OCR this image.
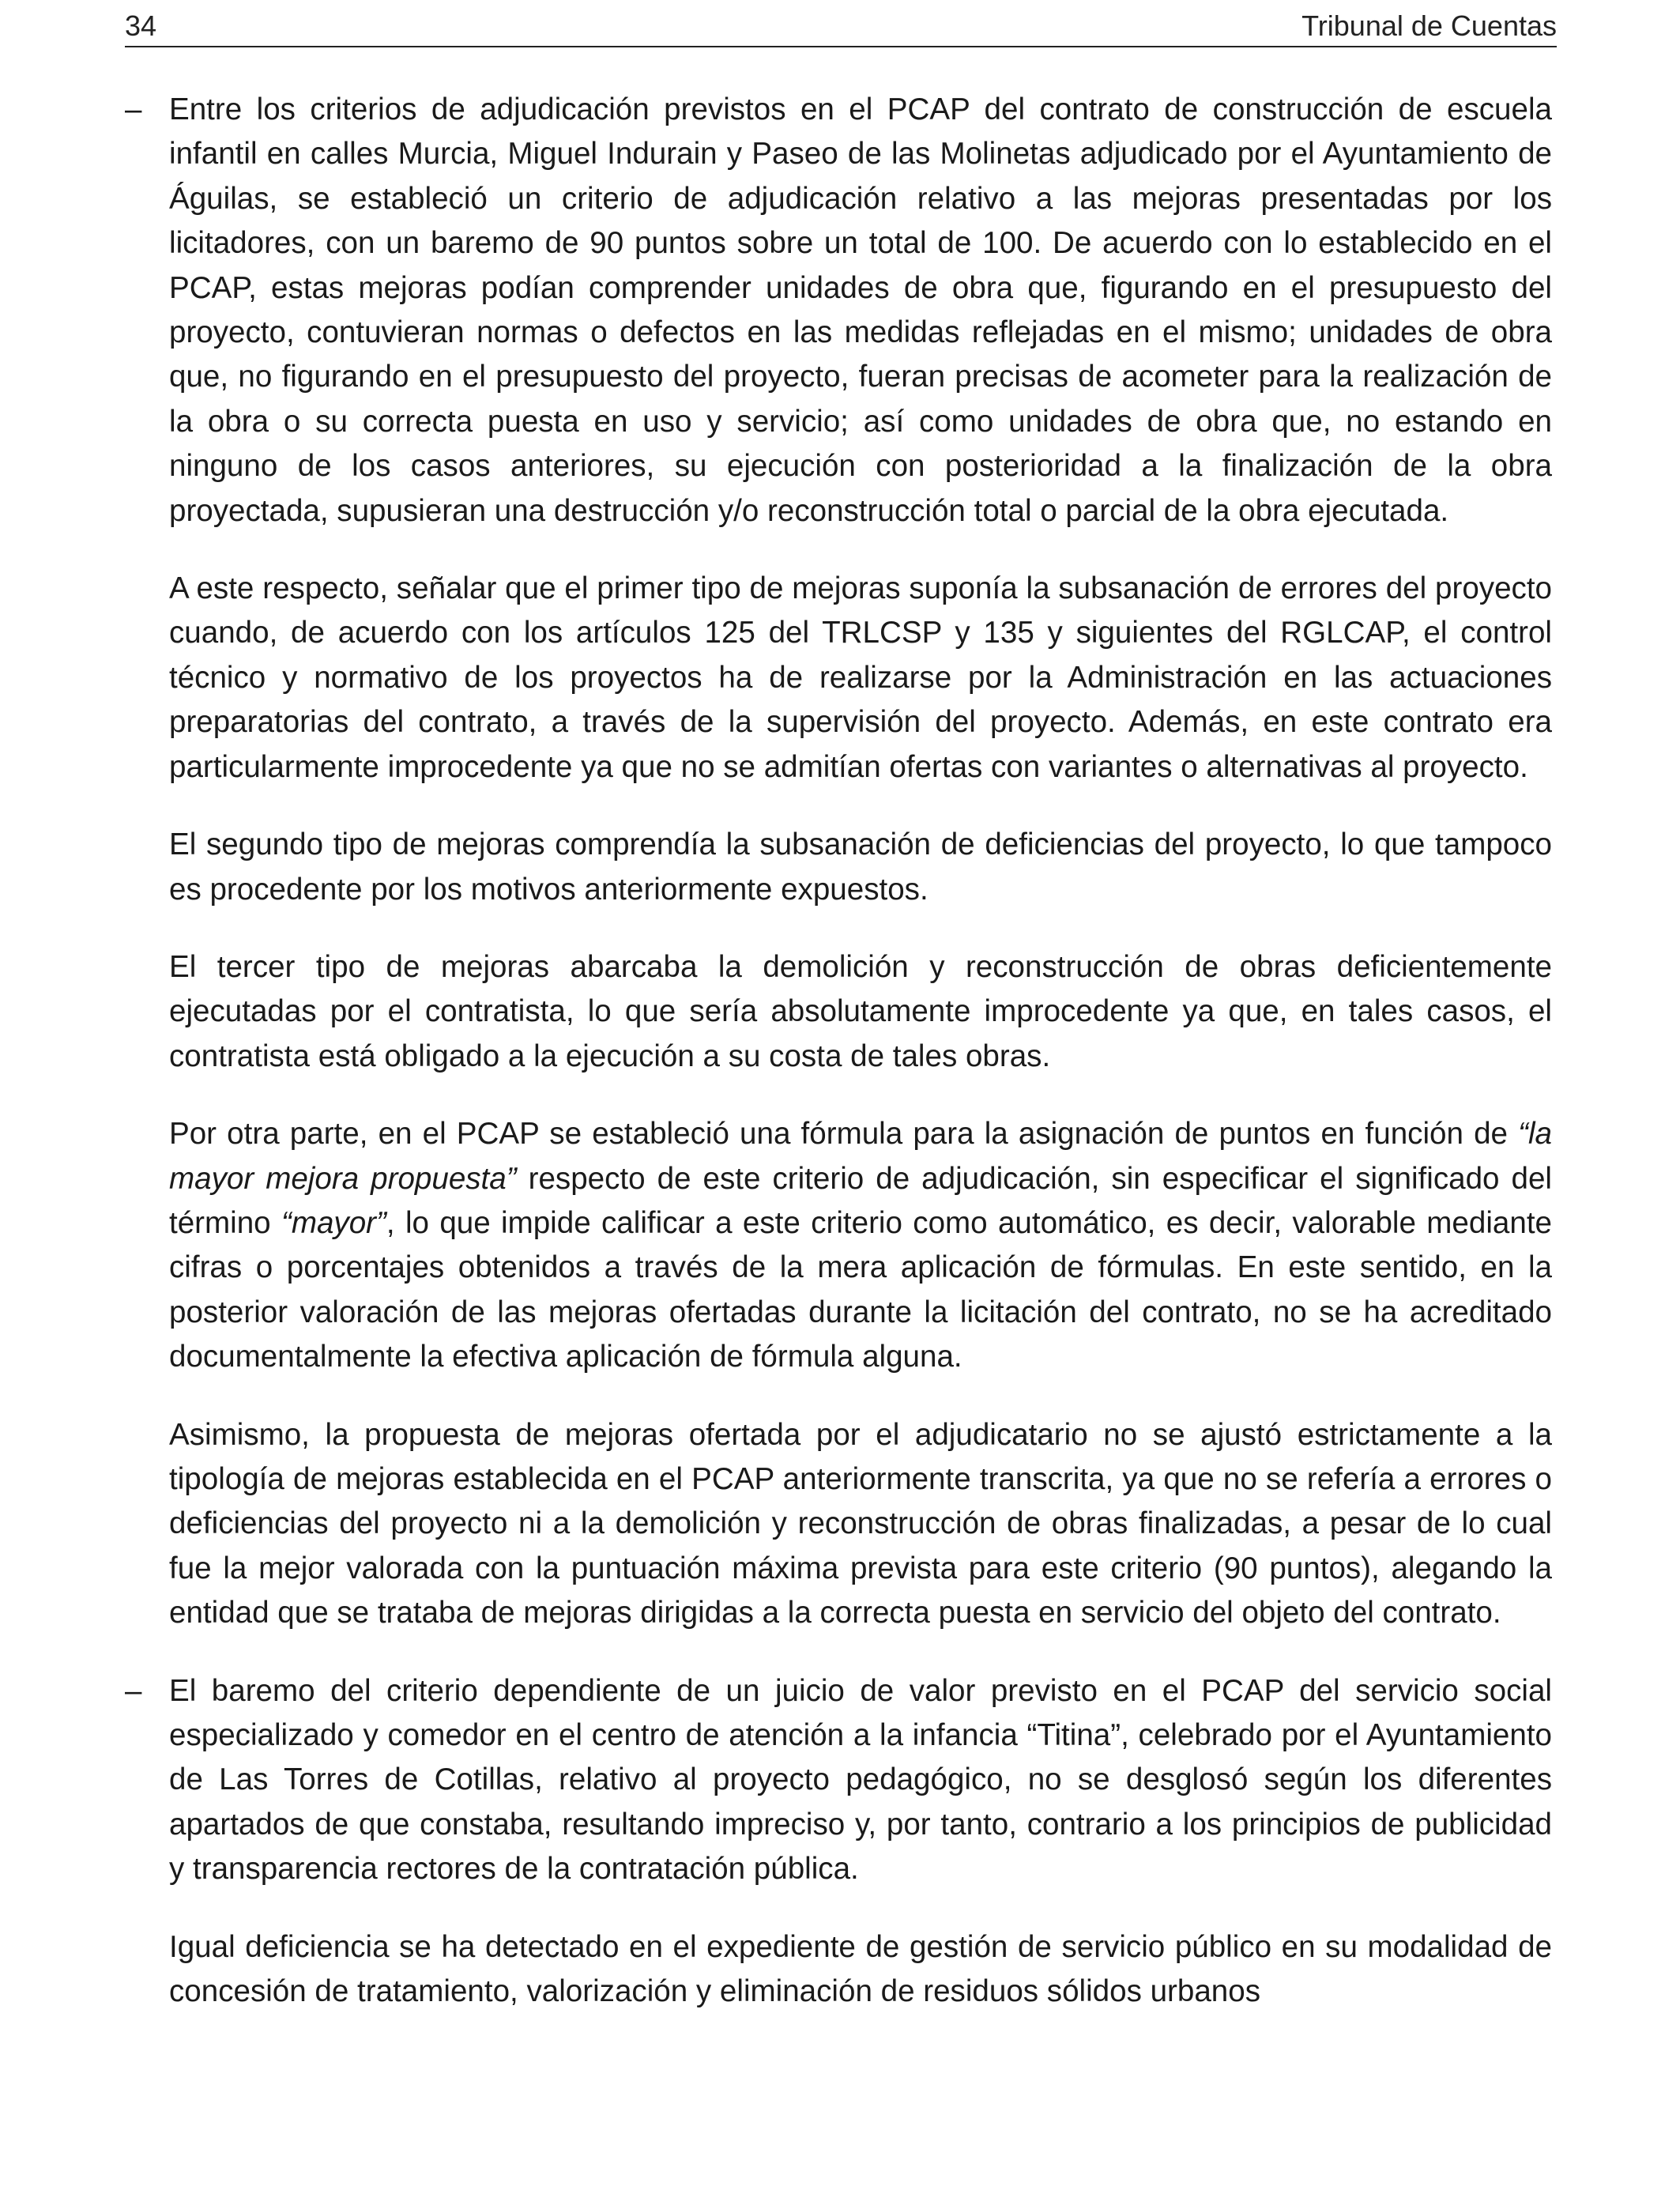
34	Tribunal de Cuentas
– Entre los criterios de adjudicación previstos en el PCAP del contrato de construcción de escuela infantil en calles Murcia, Miguel Indurain y Paseo de las Molinetas adjudicado por el Ayuntamiento de Águilas, se estableció un criterio de adjudicación relativo a las mejoras presentadas por los licitadores, con un baremo de 90 puntos sobre un total de 100. De acuerdo con lo establecido en el PCAP, estas mejoras podían comprender unidades de obra que, figurando en el presupuesto del proyecto, contuvieran normas o defectos en las medidas reflejadas en el mismo; unidades de obra que, no figurando en el presupuesto del proyecto, fueran precisas de acometer para la realización de la obra o su correcta puesta en uso y servicio; así como unidades de obra que, no estando en ninguno de los casos anteriores, su ejecución con posterioridad a la finalización de la obra proyectada, supusieran una destrucción y/o reconstrucción total o parcial de la obra ejecutada.

A este respecto, señalar que el primer tipo de mejoras suponía la subsanación de errores del proyecto cuando, de acuerdo con los artículos 125 del TRLCSP y 135 y siguientes del RGLCAP, el control técnico y normativo de los proyectos ha de realizarse por la Administración en las actuaciones preparatorias del contrato, a través de la supervisión del proyecto. Además, en este contrato era particularmente improcedente ya que no se admitían ofertas con variantes o alternativas al proyecto.

El segundo tipo de mejoras comprendía la subsanación de deficiencias del proyecto, lo que tampoco es procedente por los motivos anteriormente expuestos.

El tercer tipo de mejoras abarcaba la demolición y reconstrucción de obras deficientemente ejecutadas por el contratista, lo que sería absolutamente improcedente ya que, en tales casos, el contratista está obligado a la ejecución a su costa de tales obras.

Por otra parte, en el PCAP se estableció una fórmula para la asignación de puntos en función de “la mayor mejora propuesta” respecto de este criterio de adjudicación, sin especificar el significado del término “mayor”, lo que impide calificar a este criterio como automático, es decir, valorable mediante cifras o porcentajes obtenidos a través de la mera aplicación de fórmulas. En este sentido, en la posterior valoración de las mejoras ofertadas durante la licitación del contrato, no se ha acreditado documentalmente la efectiva aplicación de fórmula alguna.

Asimismo, la propuesta de mejoras ofertada por el adjudicatario no se ajustó estrictamente a la tipología de mejoras establecida en el PCAP anteriormente transcrita, ya que no se refería a errores o deficiencias del proyecto ni a la demolición y reconstrucción de obras finalizadas, a pesar de lo cual fue la mejor valorada con la puntuación máxima prevista para este criterio (90 puntos), alegando la entidad que se trataba de mejoras dirigidas a la correcta puesta en servicio del objeto del contrato.

– El baremo del criterio dependiente de un juicio de valor previsto en el PCAP del servicio social especializado y comedor en el centro de atención a la infancia “Titina”, celebrado por el Ayuntamiento de Las Torres de Cotillas, relativo al proyecto pedagógico, no se desglosó según los diferentes apartados de que constaba, resultando impreciso y, por tanto, contrario a los principios de publicidad y transparencia rectores de la contratación pública.

Igual deficiencia se ha detectado en el expediente de gestión de servicio público en su modalidad de concesión de tratamiento, valorización y eliminación de residuos sólidos urbanos
